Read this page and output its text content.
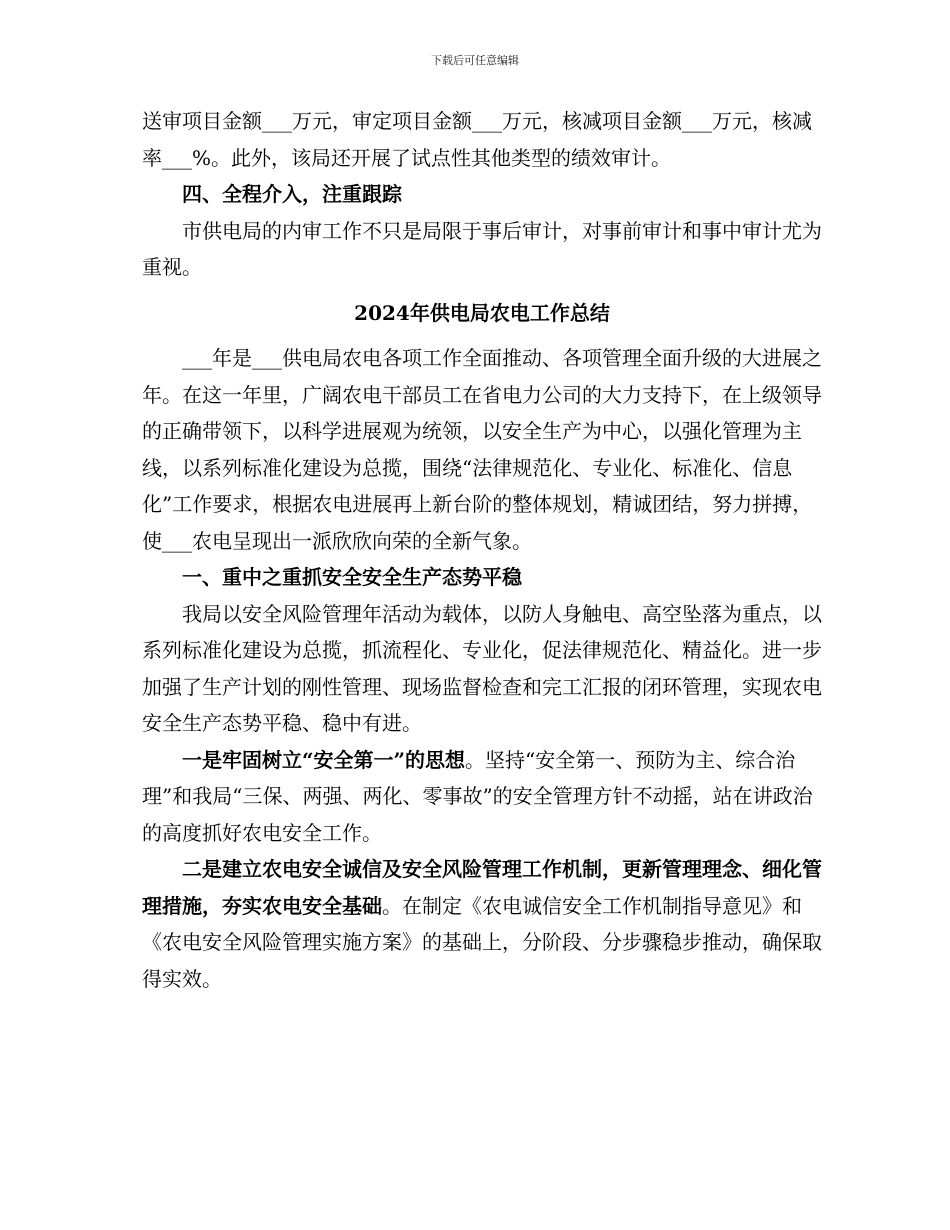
下载后可任意编辑

送审项目金额___万元，审定项目金额___万元，核减项目金额___万元，核减率___%。此外，该局还开展了试点性其他类型的绩效审计。

四、全程介入，注重跟踪

市供电局的内审工作不只是局限于事后审计，对事前审计和事中审计尤为重视。

2024年供电局农电工作总结

___年是___供电局农电各项工作全面推动、各项管理全面升级的大进展之年。在这一年里，广阔农电干部员工在省电力公司的大力支持下，在上级领导的正确带领下，以科学进展观为统领，以安全生产为中心，以强化管理为主线，以系列标准化建设为总揽，围绕“法律规范化、专业化、标准化、信息化”工作要求，根据农电进展再上新台阶的整体规划，精诚团结，努力拼搏，使___农电呈现出一派欣欣向荣的全新气象。

一、重中之重抓安全安全生产态势平稳

我局以安全风险管理年活动为载体，以防人身触电、高空坠落为重点，以系列标准化建设为总揽，抓流程化、专业化，促法律规范化、精益化。进一步加强了生产计划的刚性管理、现场监督检查和完工汇报的闭环管理，实现农电安全生产态势平稳、稳中有进。

一是牢固树立“安全第一”的思想。坚持“安全第一、预防为主、综合治理”和我局“三保、两强、两化、零事故”的安全管理方针不动摇，站在讲政治的高度抓好农电安全工作。

二是建立农电安全诚信及安全风险管理工作机制，更新管理理念、细化管理措施，夯实农电安全基础。在制定《农电诚信安全工作机制指导意见》和《农电安全风险管理实施方案》的基础上，分阶段、分步骤稳步推动，确保取得实效。
